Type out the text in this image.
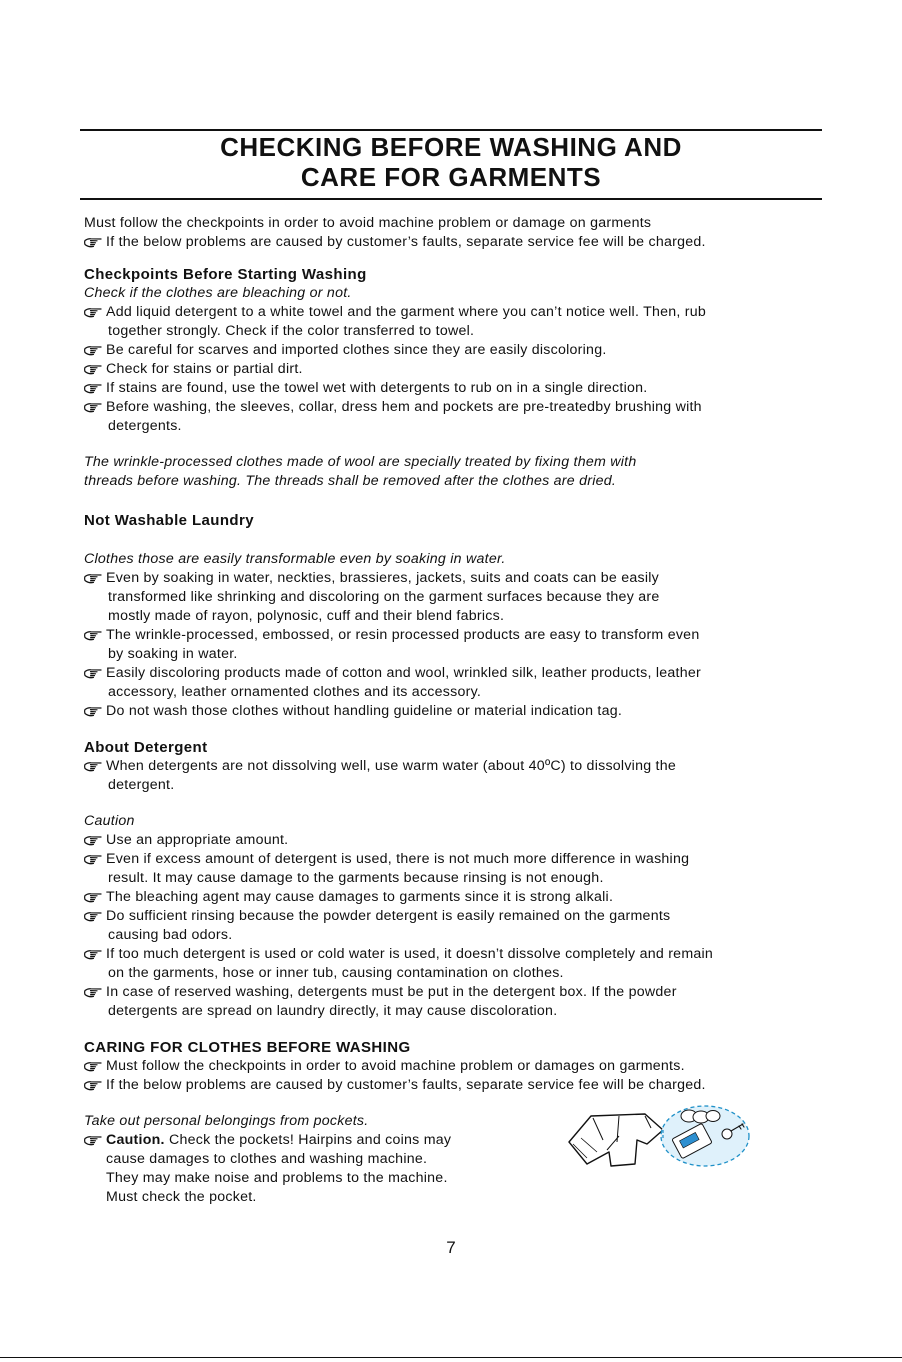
CHECKING BEFORE WASHING AND
CARE FOR GARMENTS

Must follow the checkpoints in order to avoid machine problem or damage on garments

If the below problems are caused by customer’s faults, separate service fee will be charged.

Checkpoints Before Starting Washing

Check if the clothes are bleaching or not.

Add liquid detergent to a white towel and the garment where you can’t notice well. Then, rub
together strongly. Check if the color transferred to towel.
Be careful for scarves and imported clothes since they are easily discoloring.
Check for stains or partial dirt.
If stains are found, use the towel wet with detergents to rub on in a single direction.
Before washing, the sleeves, collar, dress hem and pockets are pre-treatedby brushing with
detergents.

The wrinkle-processed clothes made of wool are specially treated by fixing them with
threads before washing. The threads shall be removed after the clothes are dried.

Not Washable Laundry

Clothes those are easily transformable even by soaking in water.

Even by soaking in water, neckties, brassieres, jackets, suits and coats can be easily
transformed like shrinking and discoloring on the garment surfaces because they are
mostly made of rayon, polynosic, cuff and their blend fabrics.
The wrinkle-processed, embossed, or resin processed products are easy to transform even
by soaking in water.
Easily discoloring products made of cotton and wool, wrinkled silk, leather products, leather
accessory, leather ornamented clothes and its accessory.
Do not wash those clothes without handling guideline or material indication tag.

About Detergent

When detergents are not dissolving well, use warm water (about 40ºC) to dissolving the
detergent.

Caution

Use an appropriate amount.
Even if excess amount of detergent is used, there is not much more difference in washing
result. It may cause damage to the garments because rinsing is not enough.
The bleaching agent may cause damages to garments since it is strong alkali.
Do sufficient rinsing because the powder detergent is easily remained on the garments
causing bad odors.
If too much detergent is used or cold water is used, it doesn’t dissolve completely and remain
on the garments, hose or inner tub, causing contamination on clothes.
In case of reserved washing, detergents must be put in the detergent box. If the powder
detergents are spread on laundry directly, it may cause discoloration.

CARING FOR CLOTHES BEFORE WASHING

Must follow the checkpoints in order to avoid machine problem or damages on garments.
If the below problems are caused by customer’s faults, separate service fee will be charged.

Take out personal belongings from pockets.

Caution. Check the pockets! Hairpins and coins may
cause damages to clothes and washing machine.
They may make noise and problems to the machine.
Must check the pocket.
7
